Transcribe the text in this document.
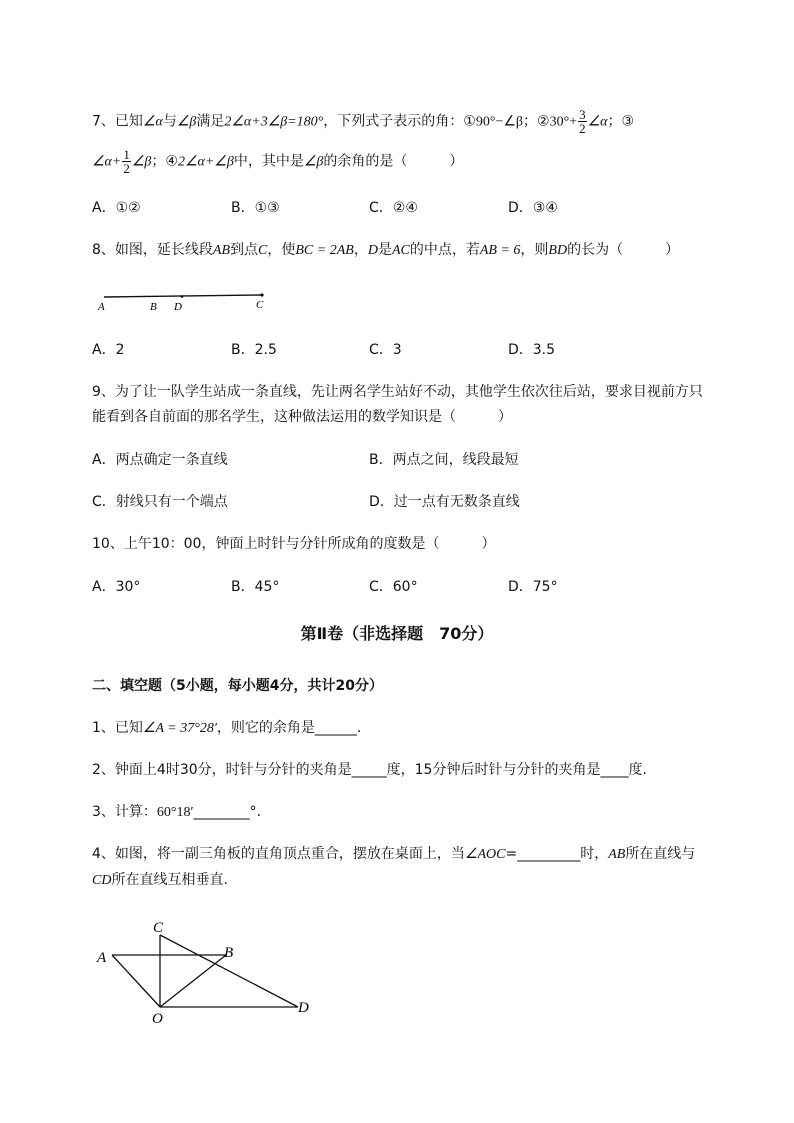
7、已知∠α与∠β满足2∠α+3∠β=180°，下列式子表示的角：①90°−∠β；②30°+ $\frac{3}{2}$ ∠α；③
∠α+ $\frac{1}{2}$ ∠β；④2∠α+∠β中，其中是∠β的余角的是（　　　）
A．①②	B．①③	C．②④	D．③④
8、如图，延长线段AB到点C，使BC = 2AB，D是AC的中点，若AB = 6，则BD的长为（　　　）
A	B D	C
A．2	B．2.5	C．3	D．3.5
9、为了让一队学生站成一条直线，先让两名学生站好不动，其他学生依次往后站，要求目视前方只
能看到各自前面的那名学生，这种做法运用的数学知识是（　　　）
A．两点确定一条直线	B．两点之间，线段最短
C．射线只有一个端点	D．过一点有无数条直线
10、上午10：00，钟面上时针与分针所成角的度数是（　　　）
A．30°	B．45°	C．60°	D．75°
第Ⅱ卷（非选择题　70分）
二、填空题（5小题，每小题4分，共计20分）
1、已知∠A = 37°28′，则它的余角是______.
2、钟面上4时30分，时针与分针的夹角是_____度，15分钟后时针与分针的夹角是____度.
3、计算：60°18′________°.
4、如图，将一副三角板的直角顶点重合，摆放在桌面上，当∠AOC=_________时，AB所在直线与
CD所在直线互相垂直.
C
A	B
O
D
